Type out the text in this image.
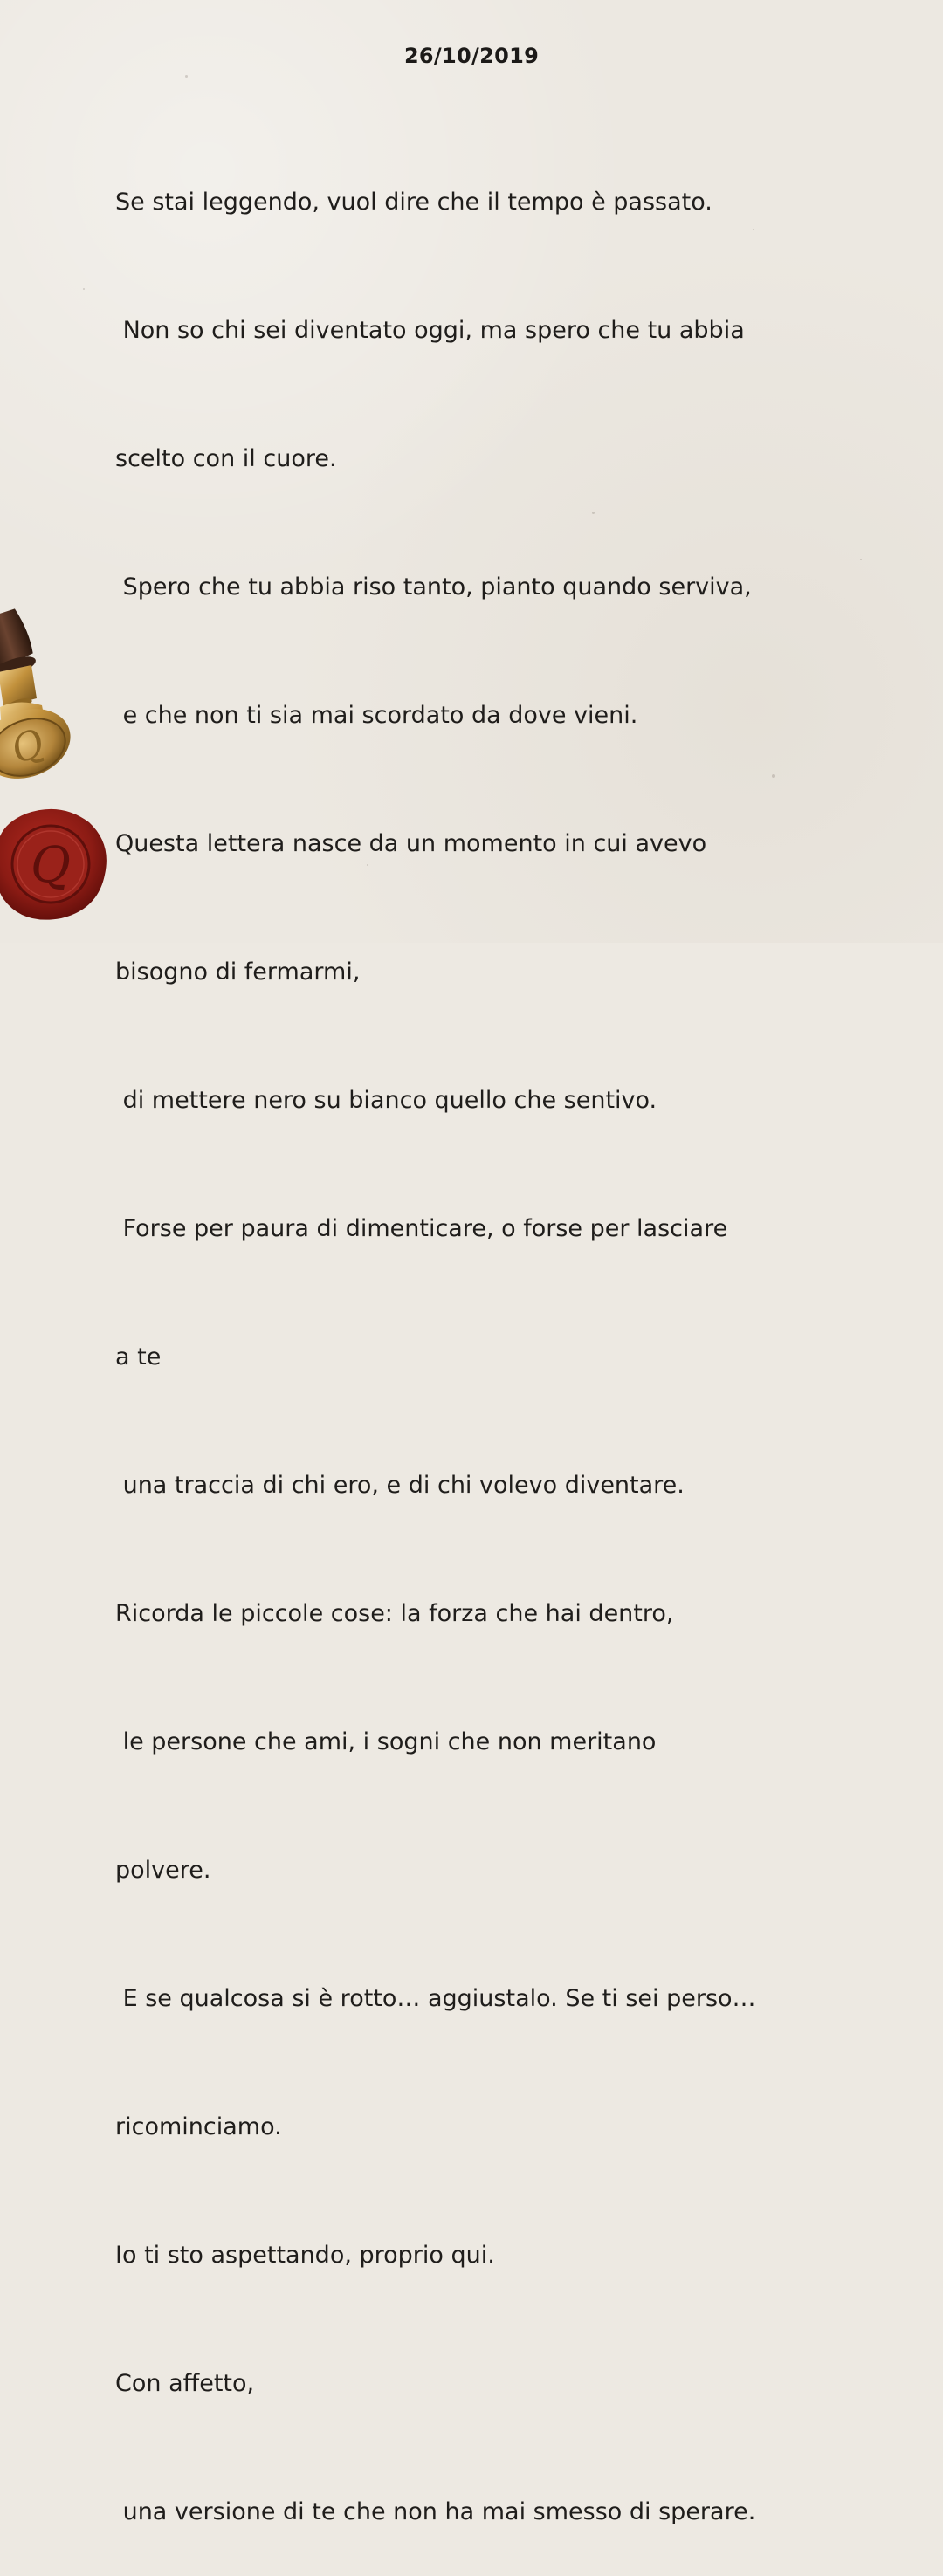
26/10/2019

Se stai leggendo, vuol dire che il tempo è passato.

Non so chi sei diventato oggi, ma spero che tu abbia

scelto con il cuore.

Spero che tu abbia riso tanto, pianto quando serviva,

e che non ti sia mai scordato da dove vieni.

Questa lettera nasce da un momento in cui avevo

bisogno di fermarmi,

di mettere nero su bianco quello che sentivo.

Forse per paura di dimenticare, o forse per lasciare

a te

una traccia di chi ero, e di chi volevo diventare.

Ricorda le piccole cose: la forza che hai dentro,

le persone che ami, i sogni che non meritano

polvere.

E se qualcosa si è rotto… aggiustalo. Se ti sei perso…

ricominciamo.

Io ti sto aspettando, proprio qui.

Con affetto,

una versione di te che non ha mai smesso di sperare.

Q
Q
